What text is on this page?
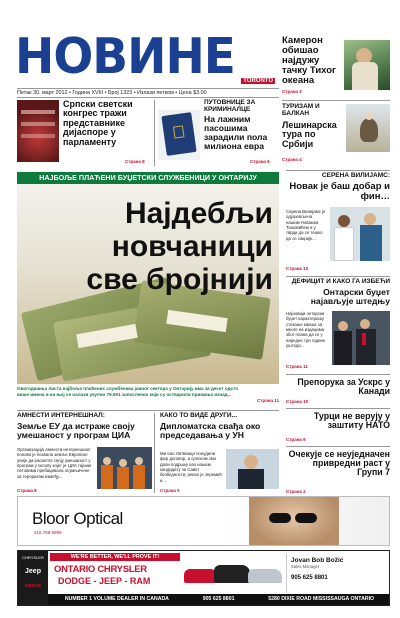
НОВИНЕ	TORONTO
Петак 30. март 2012 • Година XVIII • Број 1323 • Излази петком • Цена $3.00
Камерон обишао најдужу тачку Тихог океана
Страна 3
ТУРИЗАМ И БАЛКАН
Лешинарска тура по Србији
Страна 4
Српски светски конгрес тражи представнике дијаспоре у парламенту
Страна 8
ПУТОВНИЦЕ ЗА КРИМИНАЛЦЕ
На лажним пасошима зарадили пола милиона евра
Страна 6
НАЈБОЉЕ ПЛАЋЕНИ БУЏЕТСКИ СЛУЖБЕНИЦИ У ОНТАРИЈУ
Најдебљи
новчаници
све бројнији
Овогодишња листа најбоље плаћених службеника јавног сектора у Онтарију има за десет одсто више имена и на њој се налази укупно 79.901 запослених који су остварили примања изнад...
Страна 11
СЕРЕНА ВИЛИЈАМС:
Новак је баш добар и фин…
Серена Вилијамс је одушевљена нашим Новаком Ђоковићем и у тврди да се тешко да се сакрије...
Страна 10
ДЕФИЦИТ И КАКО ГА ИЗБЕЋИ
Онтарски буџет најављује штедњу
Најновији онтарски буџет карактеришу стезање каиша за многе на издацима због плана да се у наредне три године уштеди...
Страна 11
Препорука за Ускрс у Канади
Страна 10
Турци не верују у заштиту НАТО
Страна 9
Очекује се неуједначен привредни раст у Групи 7
Страна 2
АМНЕСТИ ИНТЕРНЕШНАЛ:
Земље ЕУ да истраже своју умешаност у програм ЦИА
Организација Амнести интернешнал поново је позвала земље Европске уније да расветле своју умешаност у програм у склопу којег је ЦИА тајним летовима пребацивала осумњичене за тероризам између...
Страна 8
КАКО ТО ВИДЕ ДРУГИ...
Дипломатска свађа око председавања у УН
Ми смо Литванци понудили фер договор, а српском смо дали подршку као нашем кандидату за Савет безбедности, рекао је Јеремић и...
Страна 5
Bloor Optical
416 769 6999
CHRYSLER
Jeep
DODGE
WE'RE BETTER, WE'LL PROVE IT!
ONTARIO CHRYSLER
DODGE - JEEP - RAM
Jovan Bob Božić
Sales Manager
905 625 8801
NUMBER 1 VOLUME DEALER IN CANADA	905 625 8801	5280 DIXIE ROAD MISSISSAUGA ONTARIO
